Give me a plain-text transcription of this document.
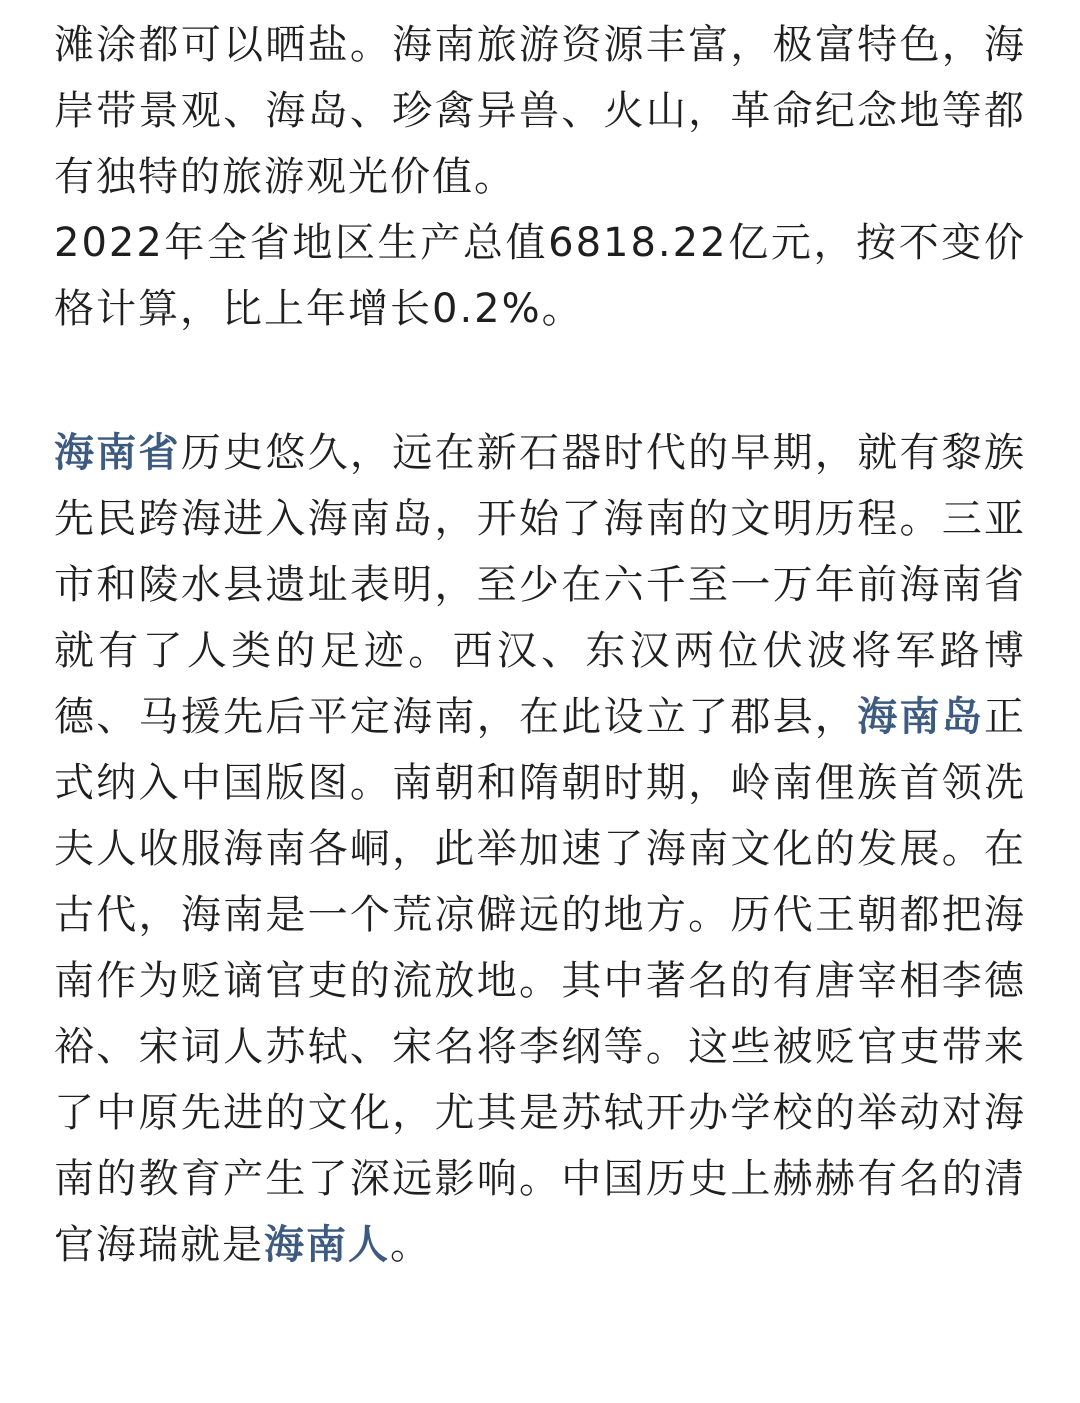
滩涂都可以晒盐。海南旅游资源丰富，极富特色，海岸带景观、海岛、珍禽异兽、火山，革命纪念地等都有独特的旅游观光价值。
2022年全省地区生产总值6818.22亿元，按不变价格计算，比上年增长0.2%。

海南省历史悠久，远在新石器时代的早期，就有黎族先民跨海进入海南岛，开始了海南的文明历程。三亚市和陵水县遗址表明，至少在六千至一万年前海南省就有了人类的足迹。西汉、东汉两位伏波将军路博德、马援先后平定海南，在此设立了郡县，海南岛正式纳入中国版图。南朝和隋朝时期，岭南俚族首领冼夫人收服海南各峒，此举加速了海南文化的发展。在古代，海南是一个荒凉僻远的地方。历代王朝都把海南作为贬谪官吏的流放地。其中著名的有唐宰相李德裕、宋词人苏轼、宋名将李纲等。这些被贬官吏带来了中原先进的文化，尤其是苏轼开办学校的举动对海南的教育产生了深远影响。中国历史上赫赫有名的清官海瑞就是海南人。
